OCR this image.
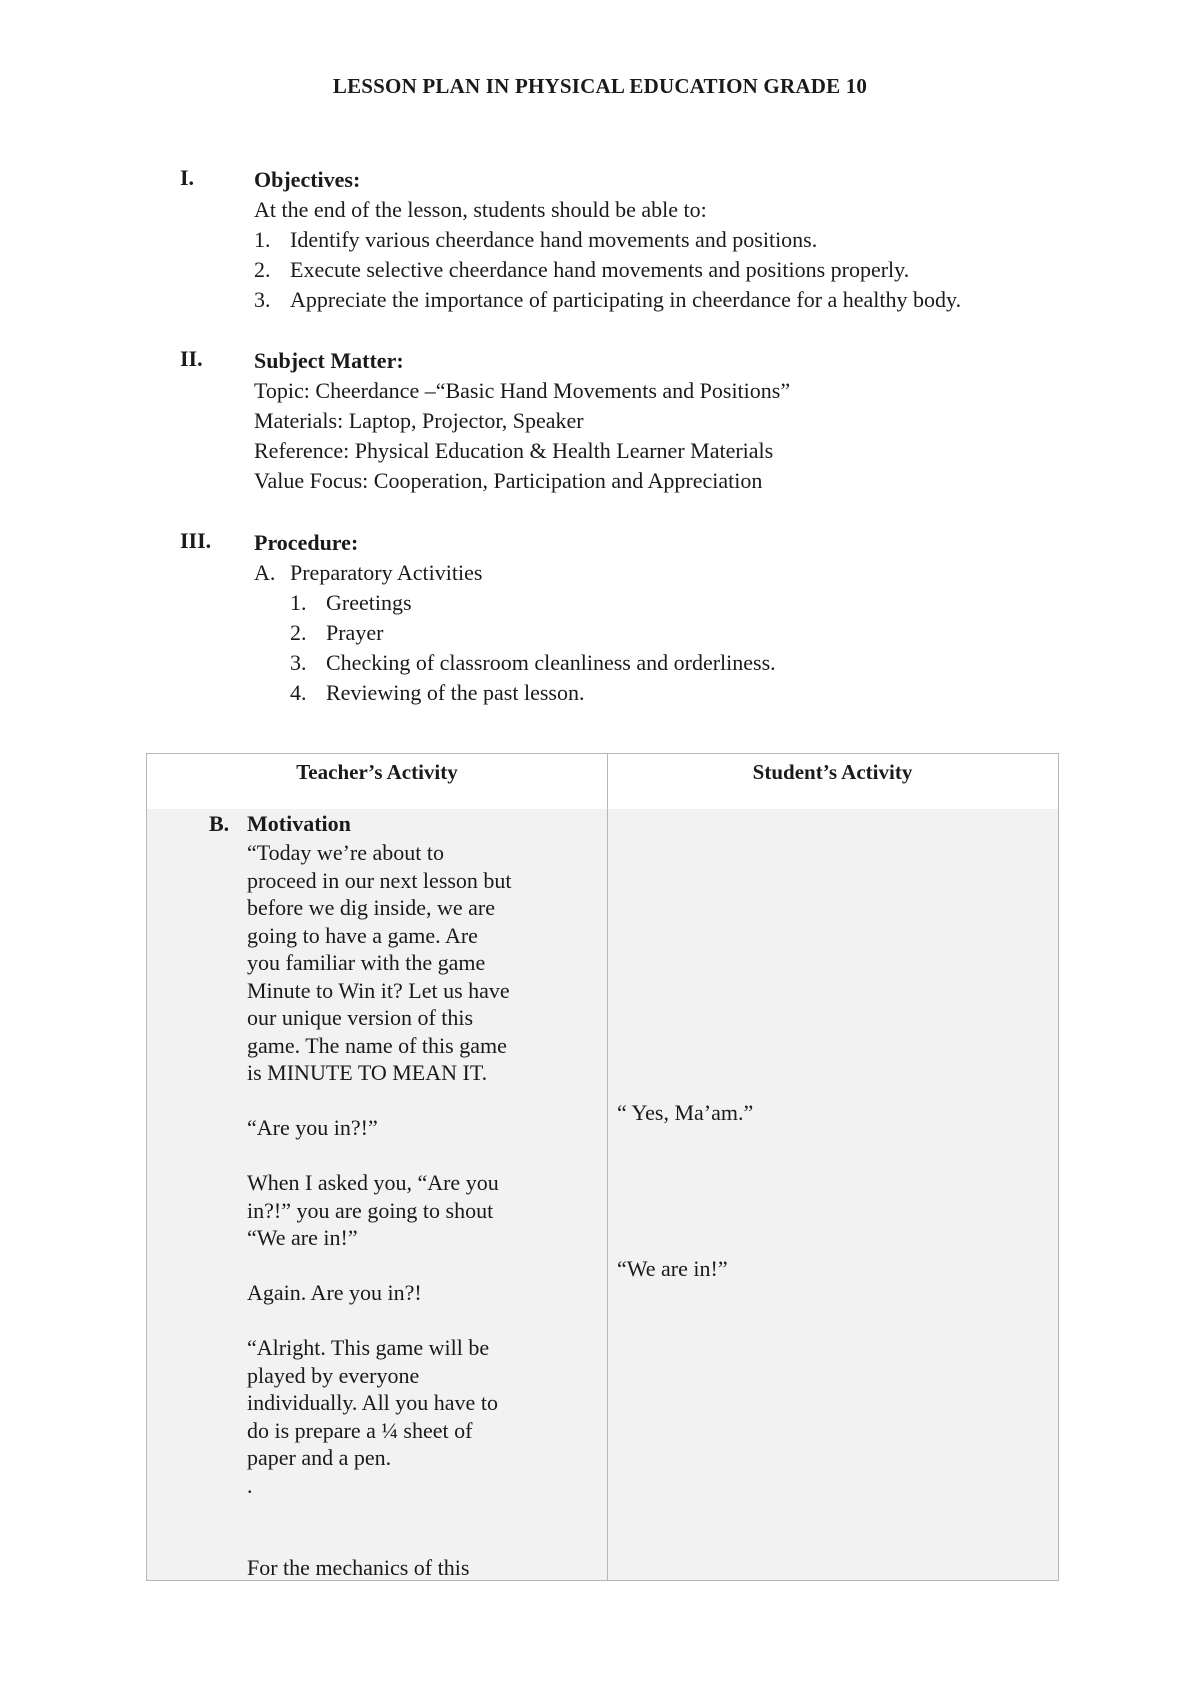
LESSON PLAN IN PHYSICAL EDUCATION GRADE 10
I.	Objectives:
At the end of the lesson, students should be able to:
1. Identify various cheerdance hand movements and positions.
2. Execute selective cheerdance hand movements and positions properly.
3. Appreciate the importance of participating in cheerdance for a healthy body.
II. Subject Matter:
Topic: Cheerdance –“Basic Hand Movements and Positions”
Materials: Laptop, Projector, Speaker
Reference: Physical Education & Health Learner Materials
Value Focus: Cooperation, Participation and Appreciation
III. Procedure:
A. Preparatory Activities
1. Greetings
2. Prayer
3. Checking of classroom cleanliness and orderliness.
4. Reviewing of the past lesson.
Teacher’s Activity	Student’s Activity
B. Motivation
“Today we’re about to
proceed in our next lesson but
before we dig inside, we are
going to have a game. Are
you familiar with the game
Minute to Win it? Let us have
our unique version of this
game. The name of this game
is MINUTE TO MEAN IT.

“Are you in?!”

When I asked you, “Are you
in?!” you are going to shout
“We are in!”

Again. Are you in?!

“Alright. This game will be
played by everyone
individually. All you have to
do is prepare a ¼ sheet of
paper and a pen.
.

For the mechanics of this
“ Yes, Ma’am.”
“We are in!”
